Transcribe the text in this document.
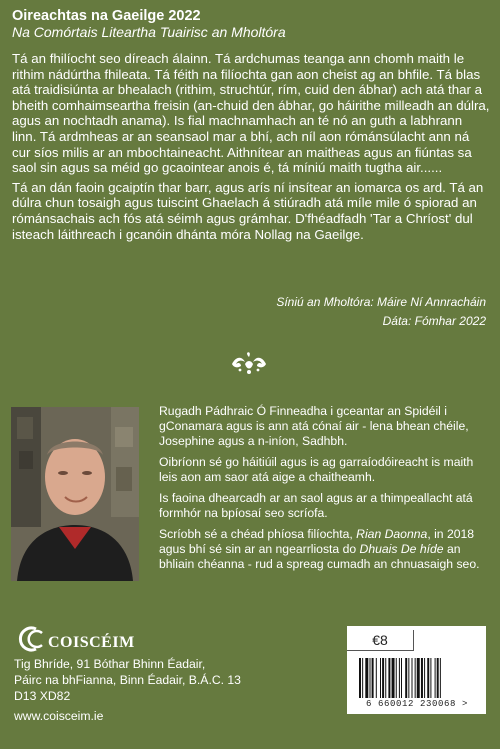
Oireachtas na Gaeilge 2022
Na Comórtais Liteartha Tuairisc an Mholtóra

Tá an fhilíocht seo díreach álainn. Tá ardchumas teanga ann chomh maith le rithim nádúrtha fhileata. Tá féith na filíochta gan aon cheist ag an bhfile. Tá blas atá traidisiúnta ar bhealach (rithim, struchtúr, rím, cuid den ábhar) ach atá thar a bheith comhaimseartha freisin (an-chuid den ábhar, go háirithe milleadh an dúlra, agus an nochtadh anama). Is fial machnamhach an té nó an guth a labhrann linn. Tá ardmheas ar an seansaol mar a bhí, ach níl aon rómánsúlacht ann ná cur síos milis ar an mbochtaineacht. Aithnítear an maitheas agus an fiúntas sa saol sin agus sa méid go gcaointear anois é, tá míniú maith tugtha air......

Tá an dán faoin gcaiptín thar barr, agus arís ní insítear an iomarca os ard. Tá an dúlra chun tosaigh agus tuiscint Ghaelach á stiúradh atá míle mile ó spiorad an rómánsachais ach fós atá séimh agus grámhar. D'fhéadfadh 'Tar a Chríost' dul isteach láithreach i gcanóin dhánta móra Nollag na Gaeilge.

Síniú an Mholtóra: Máire Ní Annracháin
Dáta: Fómhar 2022

Rugadh Pádhraic Ó Finneadha i gceantar an Spidéil i gConamara agus is ann atá cónaí air - lena bhean chéile, Josephine agus a n-iníon, Sadhbh.

Oibríonn sé go háitiúil agus is ag garraíodóireacht is maith leis aon am saor atá aige a chaitheamh.

Is faoina dhearcadh ar an saol agus ar a thimpeallacht atá formhór na bpíosaí seo scríofa.

Scríobh sé a chéad phíosa filíochta, Rian Daonna, in 2018 agus bhí sé sin ar an ngearrliosta do Dhuais De híde an bhliain chéanna - rud a spreag cumadh an chnuasaigh seo.

COISCÉIM
Tig Bhríde, 91 Bóthar Bhinn Éadair,
Páirc na bhFianna, Binn Éadair, B.Á.C. 13
D13 XD82
www.coisceim.ie
€8
6 660012 230068 >
